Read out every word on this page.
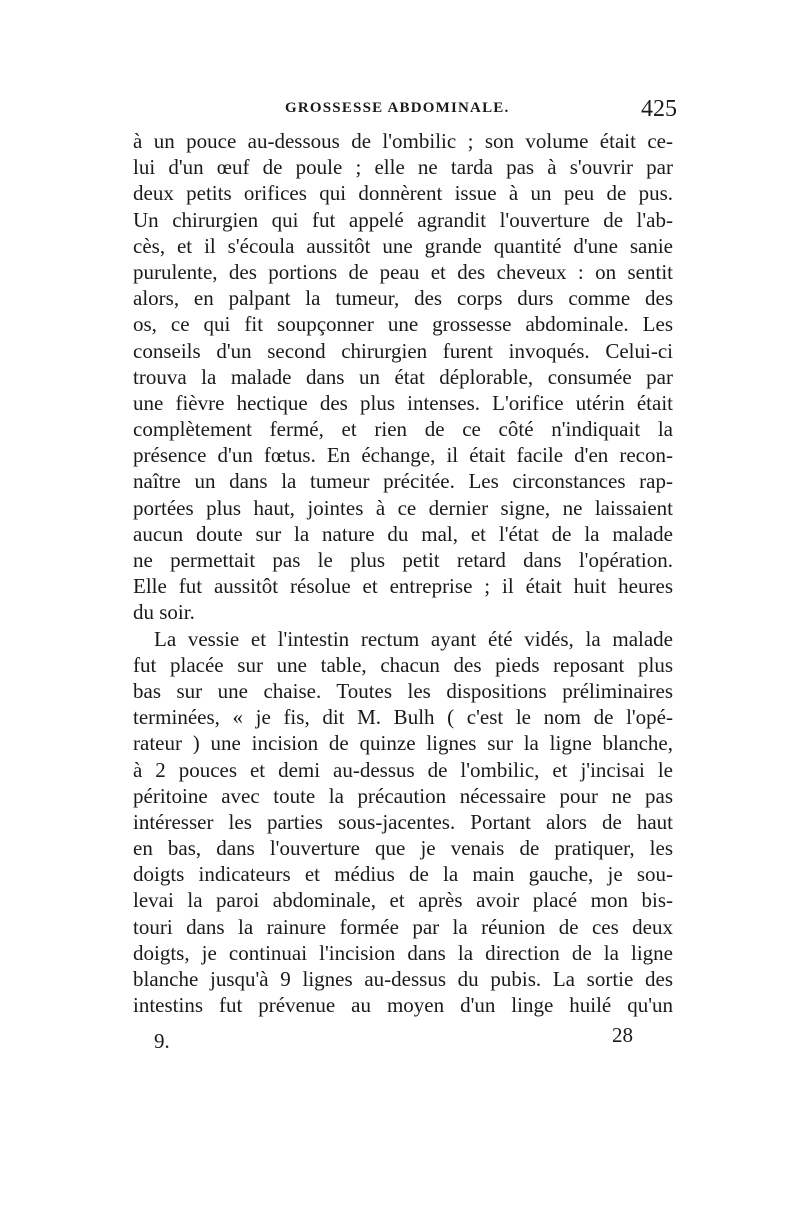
GROSSESSE ABDOMINALE.	425
à un pouce au-dessous de l'ombilic ; son volume était ce-
lui d'un œuf de poule ; elle ne tarda pas à s'ouvrir par
deux petits orifices qui donnèrent issue à un peu de pus.
Un chirurgien qui fut appelé agrandit l'ouverture de l'ab-
cès, et il s'écoula aussitôt une grande quantité d'une sanie
purulente, des portions de peau et des cheveux : on sentit
alors, en palpant la tumeur, des corps durs comme des
os, ce qui fit soupçonner une grossesse abdominale. Les
conseils d'un second chirurgien furent invoqués. Celui-ci
trouva la malade dans un état déplorable, consumée par
une fièvre hectique des plus intenses. L'orifice utérin était
complètement fermé, et rien de ce côté n'indiquait la
présence d'un fœtus. En échange, il était facile d'en recon-
naître un dans la tumeur précitée. Les circonstances rap-
portées plus haut, jointes à ce dernier signe, ne laissaient
aucun doute sur la nature du mal, et l'état de la malade
ne permettait pas le plus petit retard dans l'opération.
Elle fut aussitôt résolue et entreprise ; il était huit heures
du soir.
La vessie et l'intestin rectum ayant été vidés, la malade
fut placée sur une table, chacun des pieds reposant plus
bas sur une chaise. Toutes les dispositions préliminaires
terminées, « je fis, dit M. Bulh ( c'est le nom de l'opé-
rateur ) une incision de quinze lignes sur la ligne blanche,
à 2 pouces et demi au-dessus de l'ombilic, et j'incisai le
péritoine avec toute la précaution nécessaire pour ne pas
intéresser les parties sous-jacentes. Portant alors de haut
en bas, dans l'ouverture que je venais de pratiquer, les
doigts indicateurs et médius de la main gauche, je sou-
levai la paroi abdominale, et après avoir placé mon bis-
touri dans la rainure formée par la réunion de ces deux
doigts, je continuai l'incision dans la direction de la ligne
blanche jusqu'à 9 lignes au-dessus du pubis. La sortie des
intestins fut prévenue au moyen d'un linge huilé qu'un
9.	28
